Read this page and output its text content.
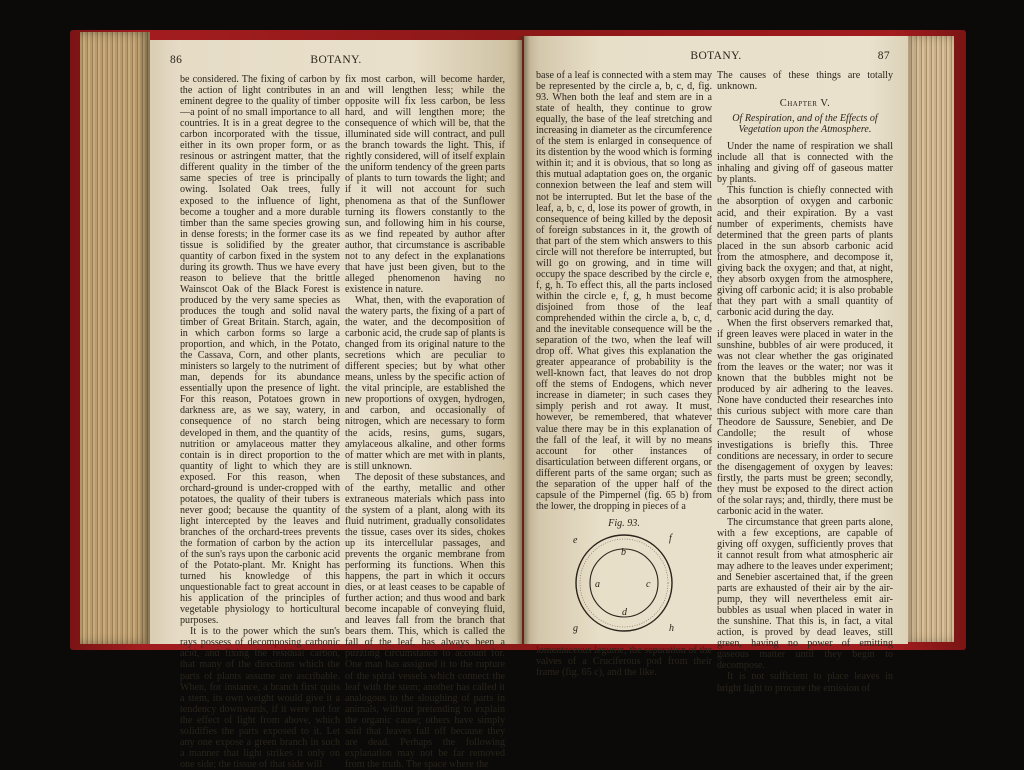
86	BOTANY.

be considered. The fixing of carbon by the action of light contributes in an eminent degree to the quality of timber—a point of no small importance to all countries. It is in a great degree to the carbon incorporated with the tissue, either in its own proper form, or as resinous or astringent matter, that the different quality in the timber of the same species of tree is principally owing. Isolated Oak trees, fully exposed to the influence of light, become a tougher and a more durable timber than the same species growing in dense forests; in the former case its tissue is solidified by the greater quantity of carbon fixed in the system during its growth. Thus we have every reason to believe that the brittle Wainscot Oak of the Black Forest is produced by the very same species as produces the tough and solid naval timber of Great Britain. Starch, again, in which carbon forms so large a proportion, and which, in the Potato, the Cassava, Corn, and other plants, ministers so largely to the nutriment of man, depends for its abundance essentially upon the presence of light. For this reason, Potatoes grown in darkness are, as we say, watery, in consequence of no starch being developed in them, and the quantity of nutrition or amylaceous matter they contain is in direct proportion to the quantity of light to which they are exposed. For this reason, when orchard-ground is under-cropped with potatoes, the quality of their tubers is never good; because the quantity of light intercepted by the leaves and branches of the orchard-trees prevents the formation of carbon by the action of the sun's rays upon the carbonic acid of the Potato-plant. Mr. Knight has turned his knowledge of this unquestionable fact to great account in his application of the principles of vegetable physiology to horticultural purposes.

It is to the power which the sun's rays possess of decomposing carbonic acid, and fixing the residual carbon, that many of the directions which the parts of plants assume are ascribable. When, for instance, a branch first quits a stem, its own weight would give it a tendency downwards, if it were not for the effect of light from above, which solidifies the parts exposed to it. Let any one expose a green branch in such a manner that light strikes it only on one side; the tissue of that side will

fix most carbon, will become harder, and will lengthen less; while the opposite will fix less carbon, be less hard, and will lengthen more; the consequence of which will be, that the illuminated side will contract, and pull the branch towards the light. This, if rightly considered, will of itself explain the uniform tendency of the green parts of plants to turn towards the light; and if it will not account for such phenomena as that of the Sunflower turning its flowers constantly to the sun, and following him in his course, as we find repeated by author after author, that circumstance is ascribable not to any defect in the explanations that have just been given, but to the alleged phenomenon having no existence in nature.

What, then, with the evaporation of the watery parts, the fixing of a part of the water, and the decomposition of carbonic acid, the crude sap of plants is changed from its original nature to the secretions which are peculiar to different species; but by what other means, unless by the specific action of the vital principle, are established the new proportions of oxygen, hydrogen, and carbon, and occasionally of nitrogen, which are necessary to form the acids, resins, gums, sugars, amylaceous alkaline, and other forms of matter which are met with in plants, is still unknown.

The deposit of these substances, and of the earthy, metallic and other extraneous materials which pass into the system of a plant, along with its fluid nutriment, gradually consolidates the tissue, cases over its sides, chokes up its intercellular passages, and prevents the organic membrane from performing its functions. When this happens, the part in which it occurs dies, or at least ceases to be capable of further action; and thus wood and bark become incapable of conveying fluid, and leaves fall from the branch that bears them. This, which is called the fall of the leaf, has always been a puzzling circumstance to account for. One man has assigned it to the rupture of the spiral vessels which connect the leaf with the stem; another has called it analogous to the sloughing of parts in animals, without pretending to explain the organic cause; others have simply said that leaves fall off because they are dead. Perhaps the following explanation may not be far removed from the truth. The space where the

BOTANY.	87

base of a leaf is connected with a stem may be represented by the circle a, b, c, d, fig. 93. When both the leaf and stem are in a state of health, they continue to grow equally, the base of the leaf stretching and increasing in diameter as the circumference of the stem is enlarged in consequence of its distention by the wood which is forming within it; and it is obvious, that so long as this mutual adaptation goes on, the organic connexion between the leaf and stem will not be interrupted. But let the base of the leaf, a, b, c, d, lose its power of growth, in consequence of being killed by the deposit of foreign substances in it, the growth of that part of the stem which answers to this circle will not therefore be interrupted, but will go on growing, and in time will occupy the space described by the circle e, f, g, h. To effect this, all the parts inclosed within the circle e, f, g, h must become disjoined from those of the leaf comprehended within the circle a, b, c, d, and the inevitable consequence will be the separation of the two, when the leaf will drop off. What gives this explanation the greater appearance of probability is the well-known fact, that leaves do not drop off the stems of Endogens, which never increase in diameter; in such cases they simply perish and rot away. It must, however, be remembered, that whatever value there may be in this explanation of the fall of the leaf, it will by no means account for other instances of disarticulation between different organs, or different parts of the same organ; such as the separation of the upper half of the capsule of the Pimpernel (fig. 65 b) from the lower, the dropping in pieces of a

Fig. 93.

b
a	c
d
e	f
g	h

lomentaceous legume, the separation of the valves of a Cruciferous pod from their frame (fig. 65 c), and the like.

The causes of these things are totally unknown.

Chapter V.

Of Respiration, and of the Effects of Vegetation upon the Atmosphere.

Under the name of respiration we shall include all that is connected with the inhaling and giving off of gaseous matter by plants.

This function is chiefly connected with the absorption of oxygen and carbonic acid, and their expiration. By a vast number of experiments, chemists have determined that the green parts of plants placed in the sun absorb carbonic acid from the atmosphere, and decompose it, giving back the oxygen; and that, at night, they absorb oxygen from the atmosphere, giving off carbonic acid; it is also probable that they part with a small quantity of carbonic acid during the day.

When the first observers remarked that, if green leaves were placed in water in the sunshine, bubbles of air were produced, it was not clear whether the gas originated from the leaves or the water; nor was it known that the bubbles might not be produced by air adhering to the leaves. None have conducted their researches into this curious subject with more care than Theodore de Saussure, Senebier, and De Candolle; the result of whose investigations is briefly this. Three conditions are necessary, in order to secure the disengagement of oxygen by leaves: firstly, the parts must be green; secondly, they must be exposed to the direct action of the solar rays; and, thirdly, there must be carbonic acid in the water.

The circumstance that green parts alone, with a few exceptions, are capable of giving off oxygen, sufficiently proves that it cannot result from what atmospheric air may adhere to the leaves under experiment; and Senebier ascertained that, if the green parts are exhausted of their air by the air-pump, they will nevertheless emit air-bubbles as usual when placed in water in the sunshine. That this is, in fact, a vital action, is proved by dead leaves, still green, having no power of emitting gaseous matter until they begin to decompose.

It is not sufficient to place leaves in bright light to procure the emission of
